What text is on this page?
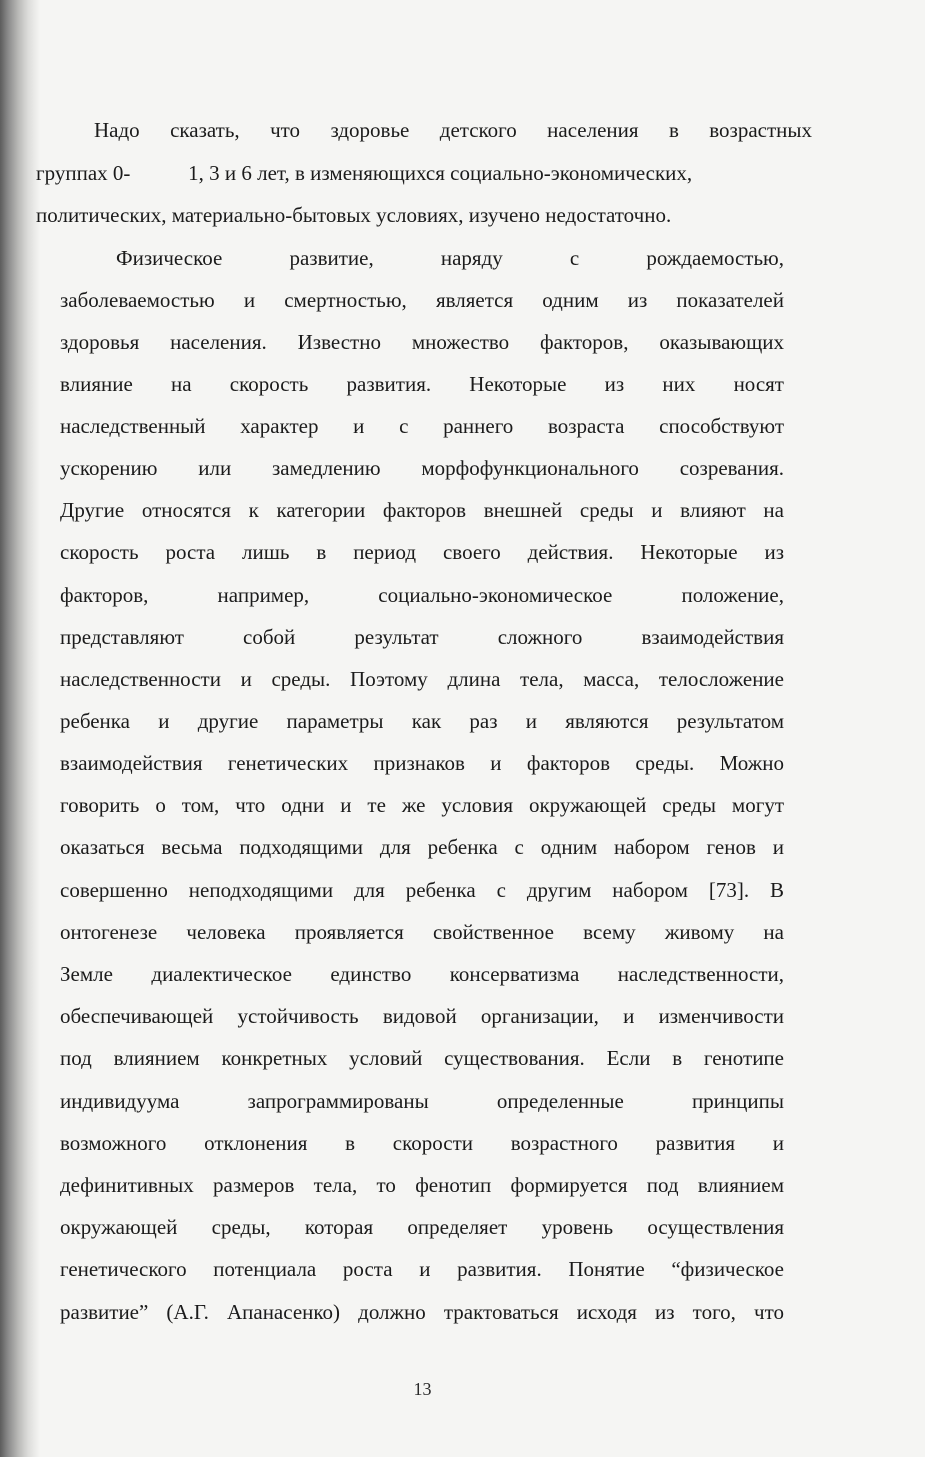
Надо сказать, что здоровье детского населения в возрастных
группах 0-           1, 3 и 6 лет, в изменяющихся социально-экономических,
политических, материально-бытовых условиях, изучено недостаточно.
Физическое развитие, наряду с рождаемостью,
заболеваемостью и смертностью, является одним из показателей
здоровья населения. Известно множество факторов, оказывающих
влияние на скорость развития. Некоторые из них носят
наследственный характер и с раннего возраста способствуют
ускорению или замедлению морфофункционального созревания.
Другие относятся к категории факторов внешней среды и влияют на
скорость роста лишь в период своего действия. Некоторые из
факторов, например, социально-экономическое положение,
представляют собой результат сложного взаимодействия
наследственности и среды. Поэтому длина тела, масса, телосложение
ребенка и другие параметры как раз и являются результатом
взаимодействия генетических признаков и факторов среды. Можно
говорить о том, что одни и те же условия окружающей среды могут
оказаться весьма подходящими для ребенка с одним набором генов и
совершенно неподходящими для ребенка с другим набором [73]. В
онтогенезе человека проявляется свойственное всему живому на
Земле диалектическое единство консерватизма наследственности,
обеспечивающей устойчивость видовой организации, и изменчивости
под влиянием конкретных условий существования. Если в генотипе
индивидуума запрограммированы определенные принципы
возможного отклонения в скорости возрастного развития и
дефинитивных размеров тела, то фенотип формируется под влиянием
окружающей среды, которая определяет уровень осуществления
генетического потенциала роста и развития. Понятие “физическое
развитие” (А.Г. Апанасенко) должно трактоваться исходя из того, что
13
